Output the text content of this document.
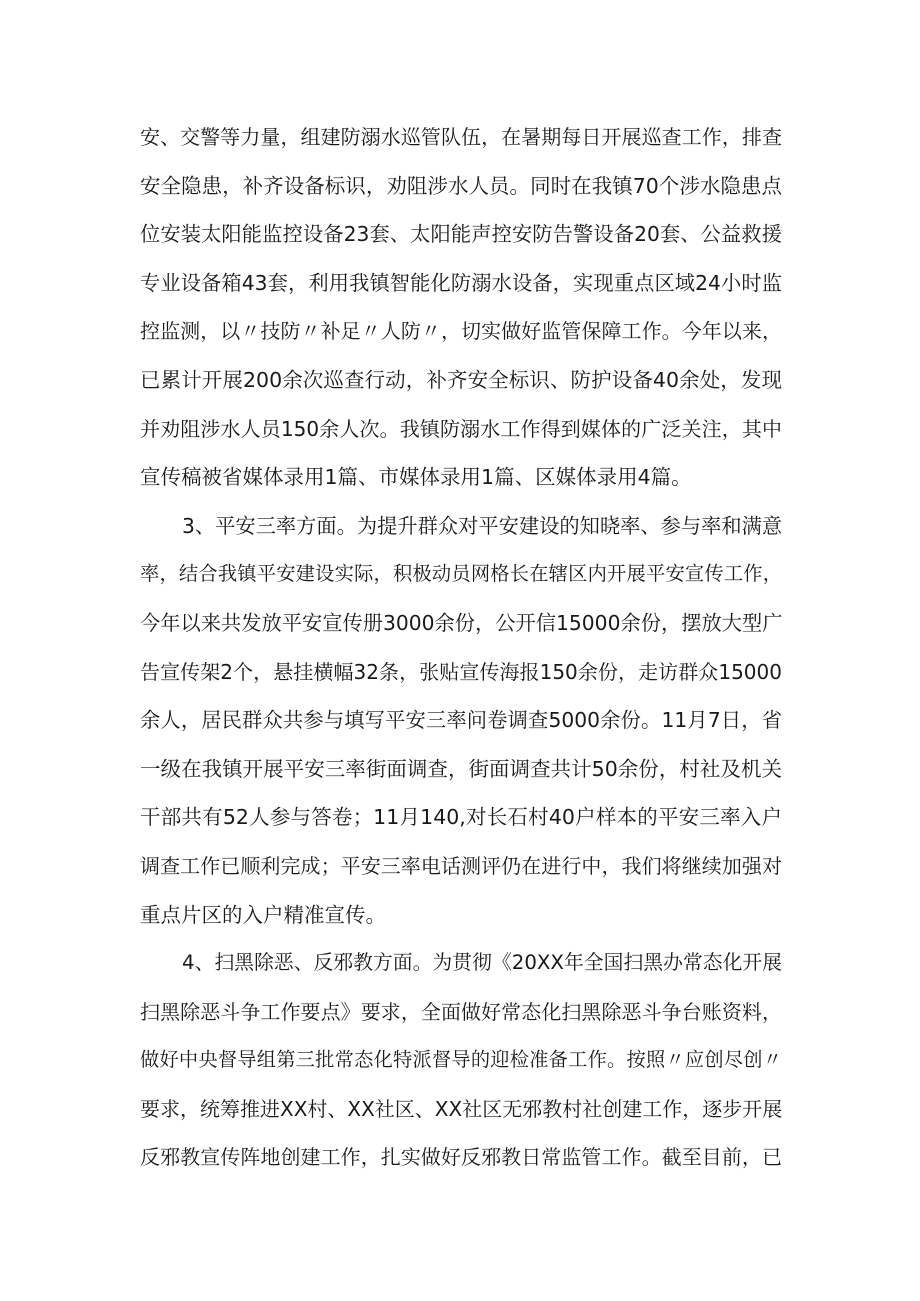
安、交警等力量，组建防溺水巡管队伍，在暑期每日开展巡查工作，排查
安全隐患，补齐设备标识，劝阻涉水人员。同时在我镇70个涉水隐患点
位安装太阳能监控设备23套、太阳能声控安防告警设备20套、公益救援
专业设备箱43套，利用我镇智能化防溺水设备，实现重点区域24小时监
控监测，以〃技防〃补足〃人防〃，切实做好监管保障工作。今年以来，
已累计开展200余次巡查行动，补齐安全标识、防护设备40余处，发现
并劝阻涉水人员150余人次。我镇防溺水工作得到媒体的广泛关注，其中
宣传稿被省媒体录用1篇、市媒体录用1篇、区媒体录用4篇。
3、平安三率方面。为提升群众对平安建设的知晓率、参与率和满意
率，结合我镇平安建设实际，积极动员网格长在辖区内开展平安宣传工作，
今年以来共发放平安宣传册3000余份，公开信15000余份，摆放大型广
告宣传架2个，悬挂横幅32条，张贴宣传海报150余份，走访群众15000
余人，居民群众共参与填写平安三率问卷调查5000余份。11月7日，省
一级在我镇开展平安三率街面调查，街面调查共计50余份，村社及机关
干部共有52人参与答卷；11月140,对长石村40户样本的平安三率入户
调查工作已顺利完成；平安三率电话测评仍在进行中，我们将继续加强对
重点片区的入户精准宣传。
4、扫黑除恶、反邪教方面。为贯彻《20XX年全国扫黑办常态化开展
扫黑除恶斗争工作要点》要求，全面做好常态化扫黑除恶斗争台账资料，
做好中央督导组第三批常态化特派督导的迎检准备工作。按照〃应创尽创〃
要求，统筹推进XX村、XX社区、XX社区无邪教村社创建工作，逐步开展
反邪教宣传阵地创建工作，扎实做好反邪教日常监管工作。截至目前，已
